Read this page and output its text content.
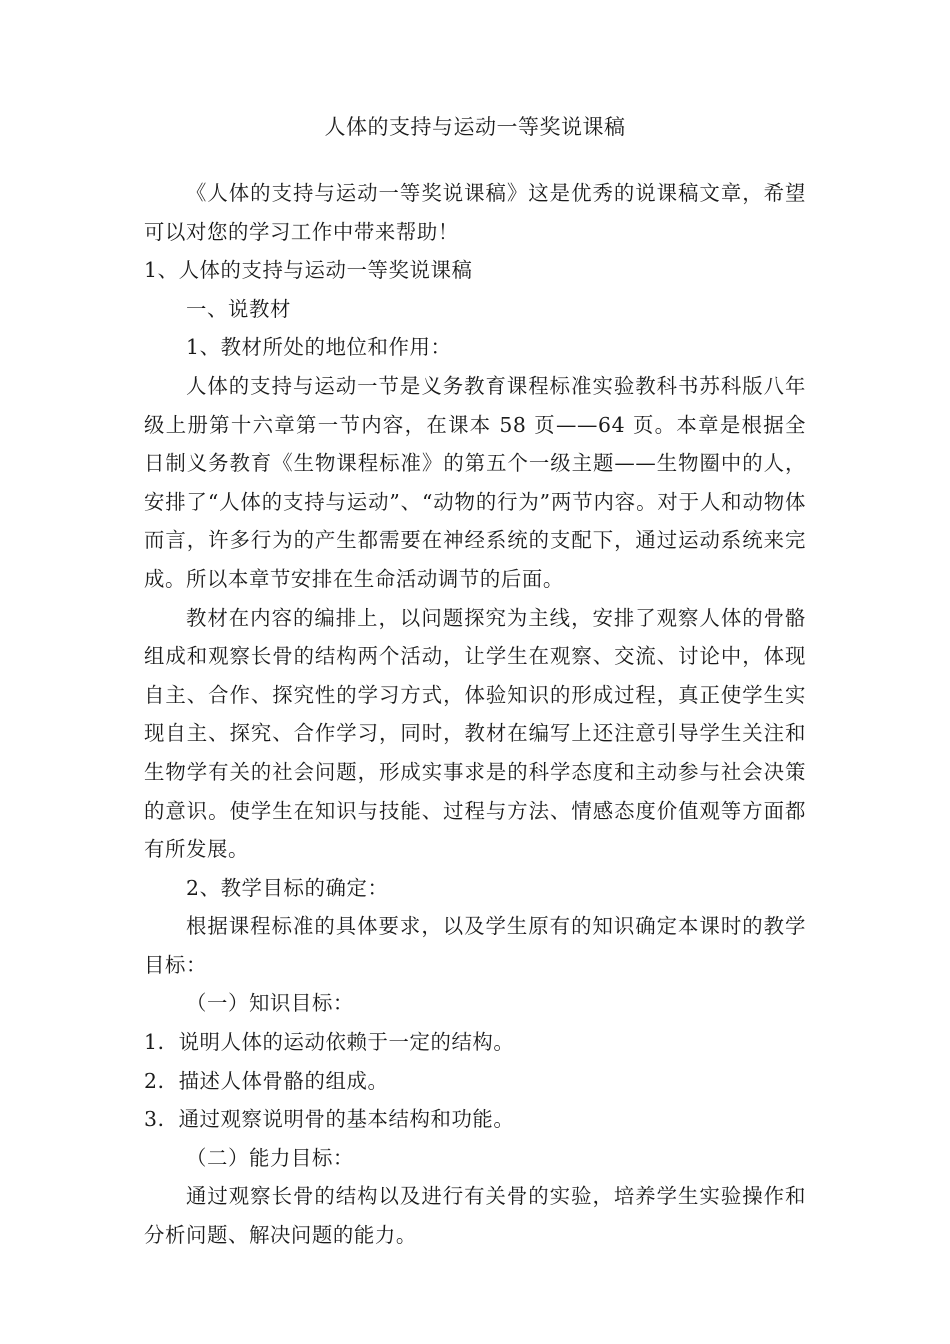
人体的支持与运动一等奖说课稿

《人体的支持与运动一等奖说课稿》这是优秀的说课稿文章，希望可以对您的学习工作中带来帮助！

1、人体的支持与运动一等奖说课稿

一、说教材

1、教材所处的地位和作用：

人体的支持与运动一节是义务教育课程标准实验教科书苏科版八年级上册第十六章第一节内容，在课本 58 页——64 页。本章是根据全日制义务教育《生物课程标准》的第五个一级主题——生物圈中的人，安排了“人体的支持与运动”、“动物的行为”两节内容。对于人和动物体而言，许多行为的产生都需要在神经系统的支配下，通过运动系统来完成。所以本章节安排在生命活动调节的后面。

教材在内容的编排上，以问题探究为主线，安排了观察人体的骨骼组成和观察长骨的结构两个活动，让学生在观察、交流、讨论中，体现自主、合作、探究性的学习方式，体验知识的形成过程，真正使学生实现自主、探究、合作学习，同时，教材在编写上还注意引导学生关注和生物学有关的社会问题，形成实事求是的科学态度和主动参与社会决策的意识。使学生在知识与技能、过程与方法、情感态度价值观等方面都有所发展。

2、教学目标的确定：

根据课程标准的具体要求，以及学生原有的知识确定本课时的教学目标：

（一）知识目标：

1．说明人体的运动依赖于一定的结构。

2．描述人体骨骼的组成。

3．通过观察说明骨的基本结构和功能。

（二）能力目标：

通过观察长骨的结构以及进行有关骨的实验，培养学生实验操作和分析问题、解决问题的能力。
